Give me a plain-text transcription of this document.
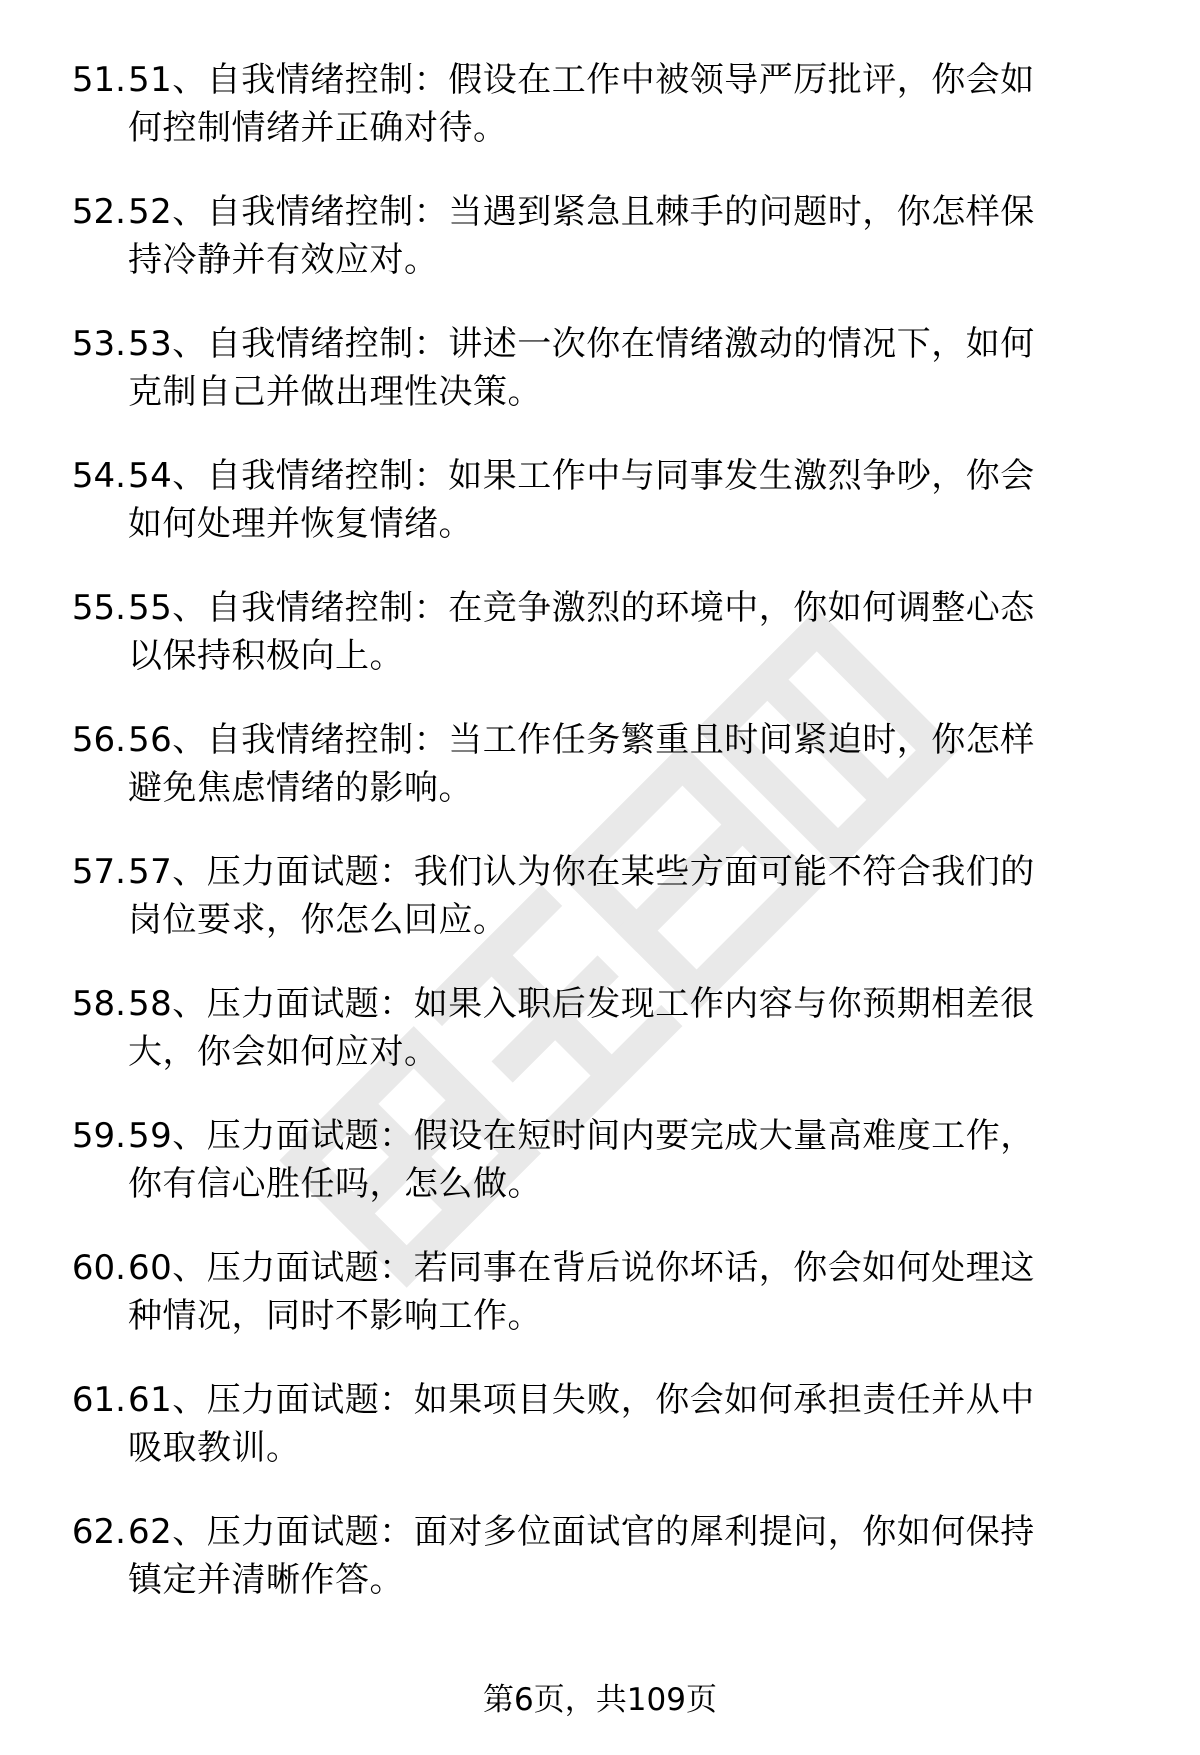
51. 51、自我情绪控制：假设在工作中被领导严厉批评，你会如何控制情绪并正确对待。
52. 52、自我情绪控制：当遇到紧急且棘手的问题时，你怎样保持冷静并有效应对。
53. 53、自我情绪控制：讲述一次你在情绪激动的情况下，如何克制自己并做出理性决策。
54. 54、自我情绪控制：如果工作中与同事发生激烈争吵，你会如何处理并恢复情绪。
55. 55、自我情绪控制：在竞争激烈的环境中，你如何调整心态以保持积极向上。
56. 56、自我情绪控制：当工作任务繁重且时间紧迫时，你怎样避免焦虑情绪的影响。
57. 57、压力面试题：我们认为你在某些方面可能不符合我们的岗位要求，你怎么回应。
58. 58、压力面试题：如果入职后发现工作内容与你预期相差很大，你会如何应对。
59. 59、压力面试题：假设在短时间内要完成大量高难度工作，你有信心胜任吗，怎么做。
60. 60、压力面试题：若同事在背后说你坏话，你会如何处理这种情况，同时不影响工作。
61. 61、压力面试题：如果项目失败，你会如何承担责任并从中吸取教训。
62. 62、压力面试题：面对多位面试官的犀利提问，你如何保持镇定并清晰作答。
第6页，共109页
